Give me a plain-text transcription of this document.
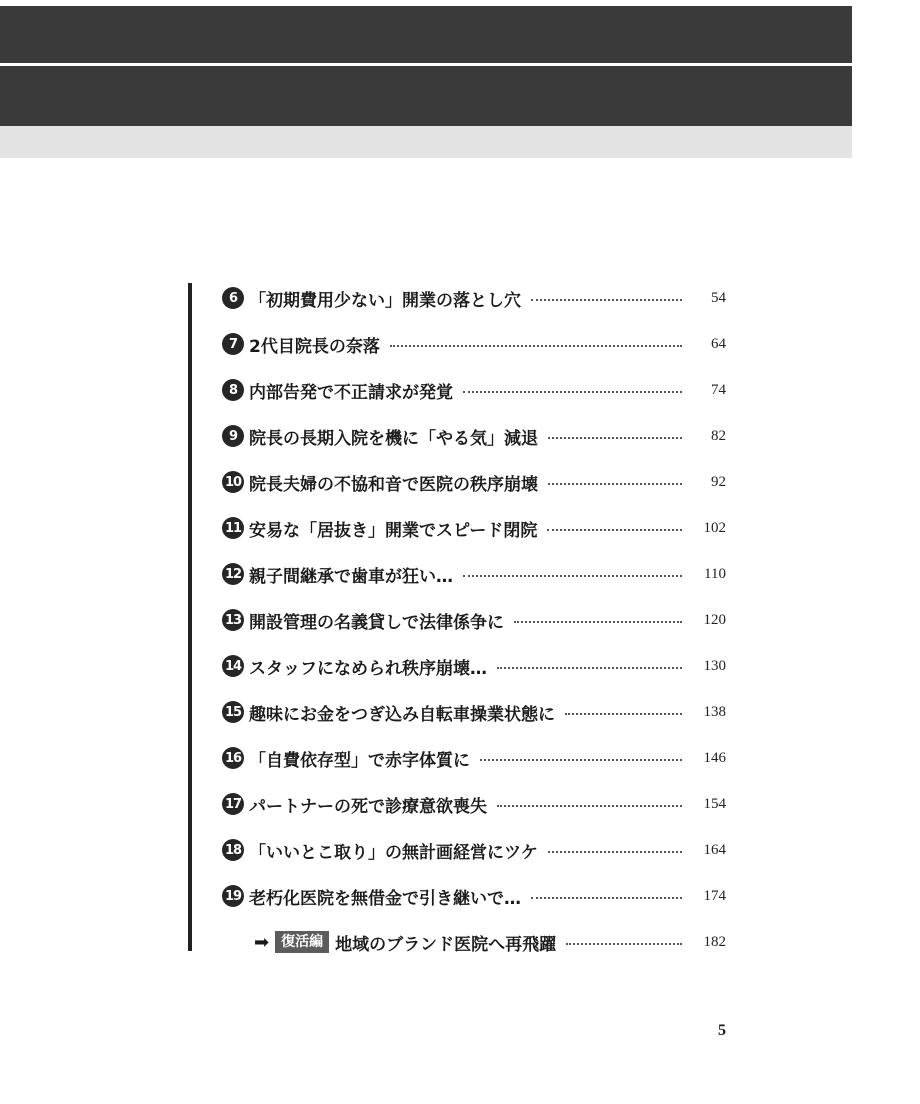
6 「初期費用少ない」開業の落とし穴	54
7 2代目院長の奈落	64
8 内部告発で不正請求が発覚	74
9 院長の長期入院を機に「やる気」減退	82
10 院長夫婦の不協和音で医院の秩序崩壊	92
11 安易な「居抜き」開業でスピード閉院	102
12 親子間継承で歯車が狂い…	110
13 開設管理の名義貸しで法律係争に	120
14 スタッフになめられ秩序崩壊…	130
15 趣味にお金をつぎ込み自転車操業状態に	138
16 「自費依存型」で赤字体質に	146
17 パートナーの死で診療意欲喪失	154
18 「いいとこ取り」の無計画経営にツケ	164
19 老朽化医院を無借金で引き継いで…	174
➡ 復活編 地域のブランド医院へ再飛躍	182
5
